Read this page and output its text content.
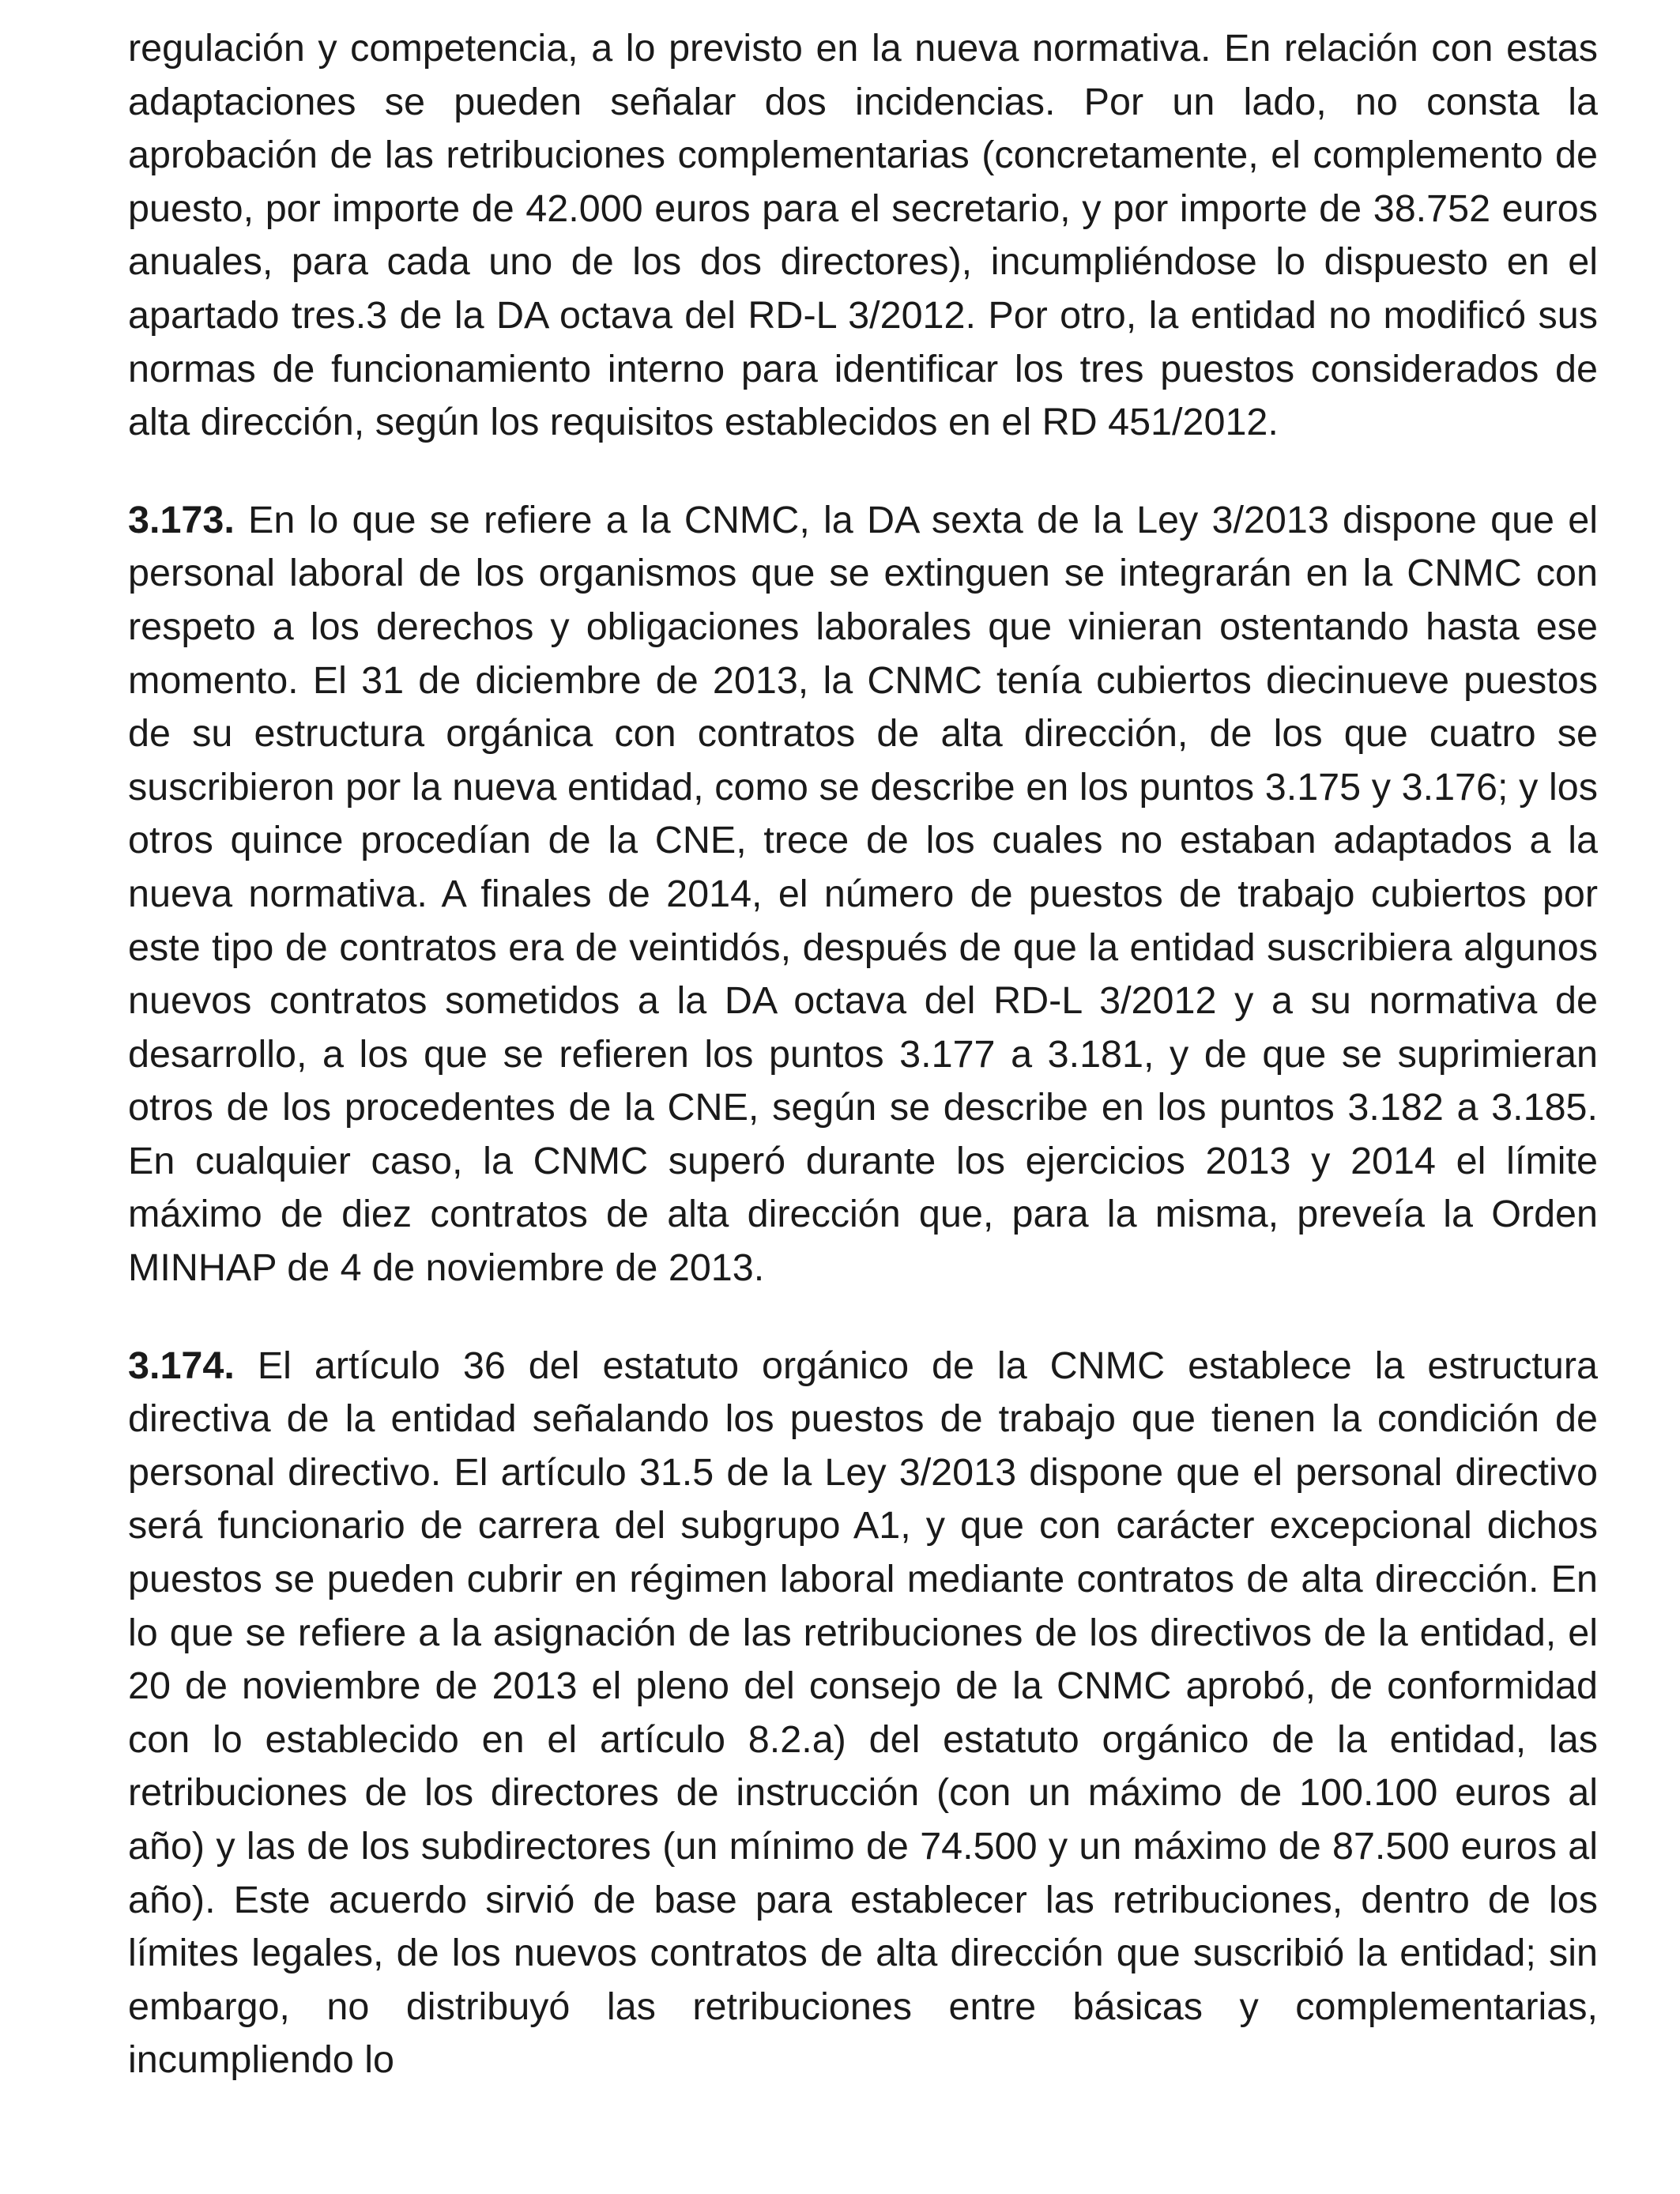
regulación y competencia, a lo previsto en la nueva normativa. En relación con estas adaptaciones se pueden señalar dos incidencias. Por un lado, no consta la aprobación de las retribuciones complementarias (concretamente, el complemento de puesto, por importe de 42.000 euros para el secretario, y por importe de 38.752 euros anuales, para cada uno de los dos directores), incumpliéndose lo dispuesto en el apartado tres.3 de la DA octava del RD-L 3/2012. Por otro, la entidad no modificó sus normas de funcionamiento interno para identificar los tres puestos considerados de alta dirección, según los requisitos establecidos en el RD 451/2012.

3.173. En lo que se refiere a la CNMC, la DA sexta de la Ley 3/2013 dispone que el personal laboral de los organismos que se extinguen se integrarán en la CNMC con respeto a los derechos y obligaciones laborales que vinieran ostentando hasta ese momento. El 31 de diciembre de 2013, la CNMC tenía cubiertos diecinueve puestos de su estructura orgánica con contratos de alta dirección, de los que cuatro se suscribieron por la nueva entidad, como se describe en los puntos 3.175 y 3.176; y los otros quince procedían de la CNE, trece de los cuales no estaban adaptados a la nueva normativa. A finales de 2014, el número de puestos de trabajo cubiertos por este tipo de contratos era de veintidós, después de que la entidad suscribiera algunos nuevos contratos sometidos a la DA octava del RD-L 3/2012 y a su normativa de desarrollo, a los que se refieren los puntos 3.177 a 3.181, y de que se suprimieran otros de los procedentes de la CNE, según se describe en los puntos 3.182 a 3.185. En cualquier caso, la CNMC superó durante los ejercicios 2013 y 2014 el límite máximo de diez contratos de alta dirección que, para la misma, preveía la Orden MINHAP de 4 de noviembre de 2013.

3.174. El artículo 36 del estatuto orgánico de la CNMC establece la estructura directiva de la entidad señalando los puestos de trabajo que tienen la condición de personal directivo. El artículo 31.5 de la Ley 3/2013 dispone que el personal directivo será funcionario de carrera del subgrupo A1, y que con carácter excepcional dichos puestos se pueden cubrir en régimen laboral mediante contratos de alta dirección. En lo que se refiere a la asignación de las retribuciones de los directivos de la entidad, el 20 de noviembre de 2013 el pleno del consejo de la CNMC aprobó, de conformidad con lo establecido en el artículo 8.2.a) del estatuto orgánico de la entidad, las retribuciones de los directores de instrucción (con un máximo de 100.100 euros al año) y las de los subdirectores (un mínimo de 74.500 y un máximo de 87.500 euros al año). Este acuerdo sirvió de base para establecer las retribuciones, dentro de los límites legales, de los nuevos contratos de alta dirección que suscribió la entidad; sin embargo, no distribuyó las retribuciones entre básicas y complementarias, incumpliendo lo
